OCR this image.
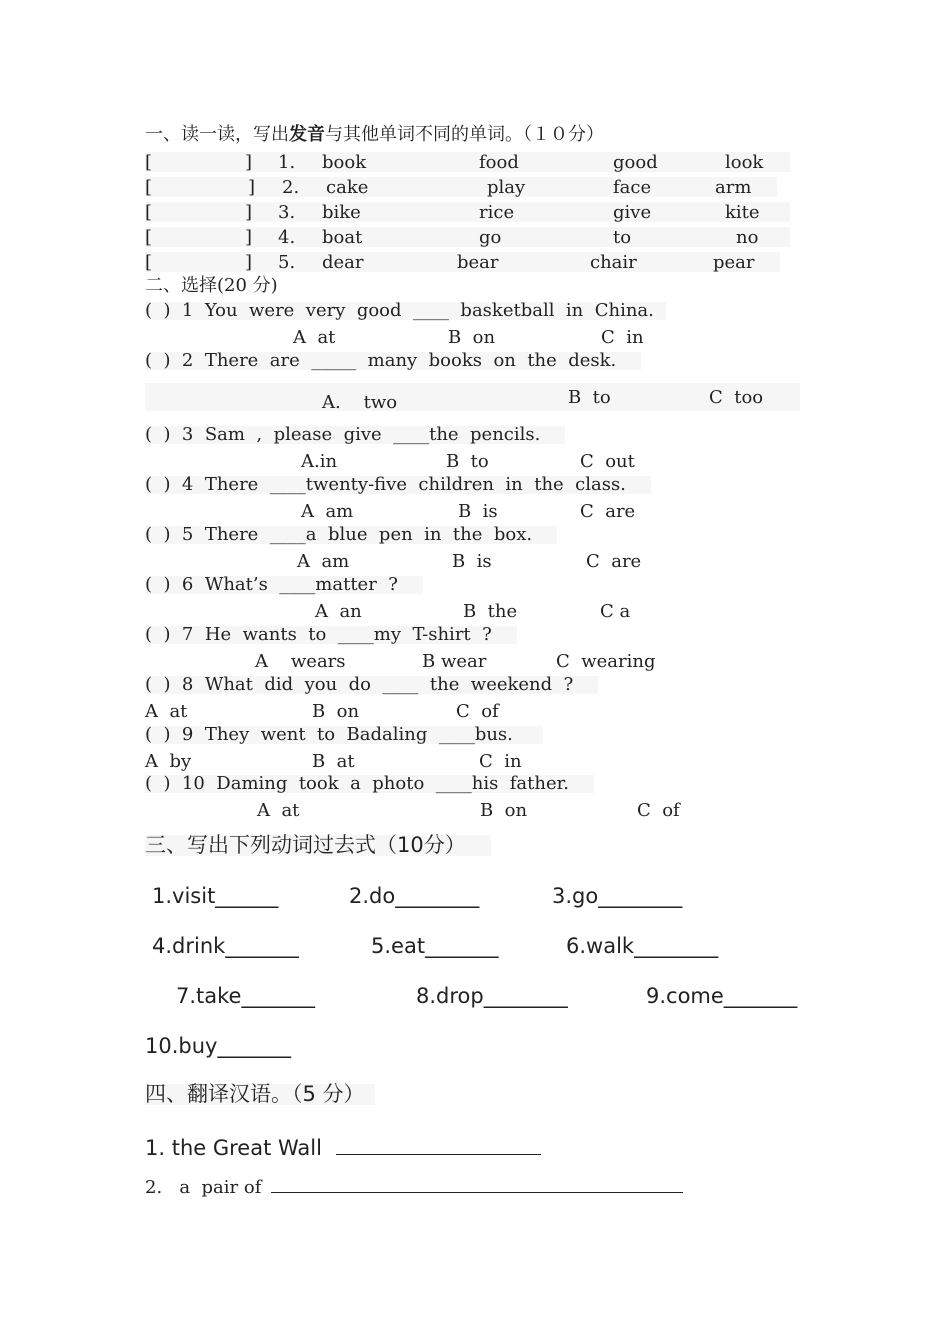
一、读一读，写出发音与其他单词不同的单词。（１０分）
[	] 1. book	food	good	look
[	] 2. cake	play	face	arm
[	] 3. bike	rice	give	kite
[	] 4. boat	go	to	no
[	] 5. dear	bear	chair	pear
二、选择(20 分)
(  )  1  You  were  very  good  ____  basketball  in  China.
A  at	B  on	C  in
(  )  2  There  are  _____  many  books  on  the  desk.
A.    two	B  to	C  too
(  )  3  Sam  ,  please  give  ____the  pencils.
A.in	B  to	C  out
(  )  4  There  ____twenty-five  children  in  the  class.
A  am	B  is	C  are
(  )  5  There  ____a  blue  pen  in  the  box.
A  am	B  is	C  are
(  )  6  What’s  ____matter  ?
A  an	B  the	C a
(  )  7  He  wants  to  ____my  T-shirt  ?
A    wears	B wear	C  wearing
(  )  8  What  did  you  do  ____  the  weekend  ?
A  at	B  on	C  of
(  )  9  They  went  to  Badaling  ____bus.
A  by	B  at	C  in
(  )  10  Daming  took  a  photo  ____his  father.
A  at	B  on	C  of
三、写出下列动词过去式（10分）
1.visit______	2.do________	3.go________
4.drink_______	5.eat_______	6.walk________
7.take_______	8.drop________	9.come_______
10.buy_______
四、翻译汉语。（5 分）
1. the Great Wall
2.   a  pair of
